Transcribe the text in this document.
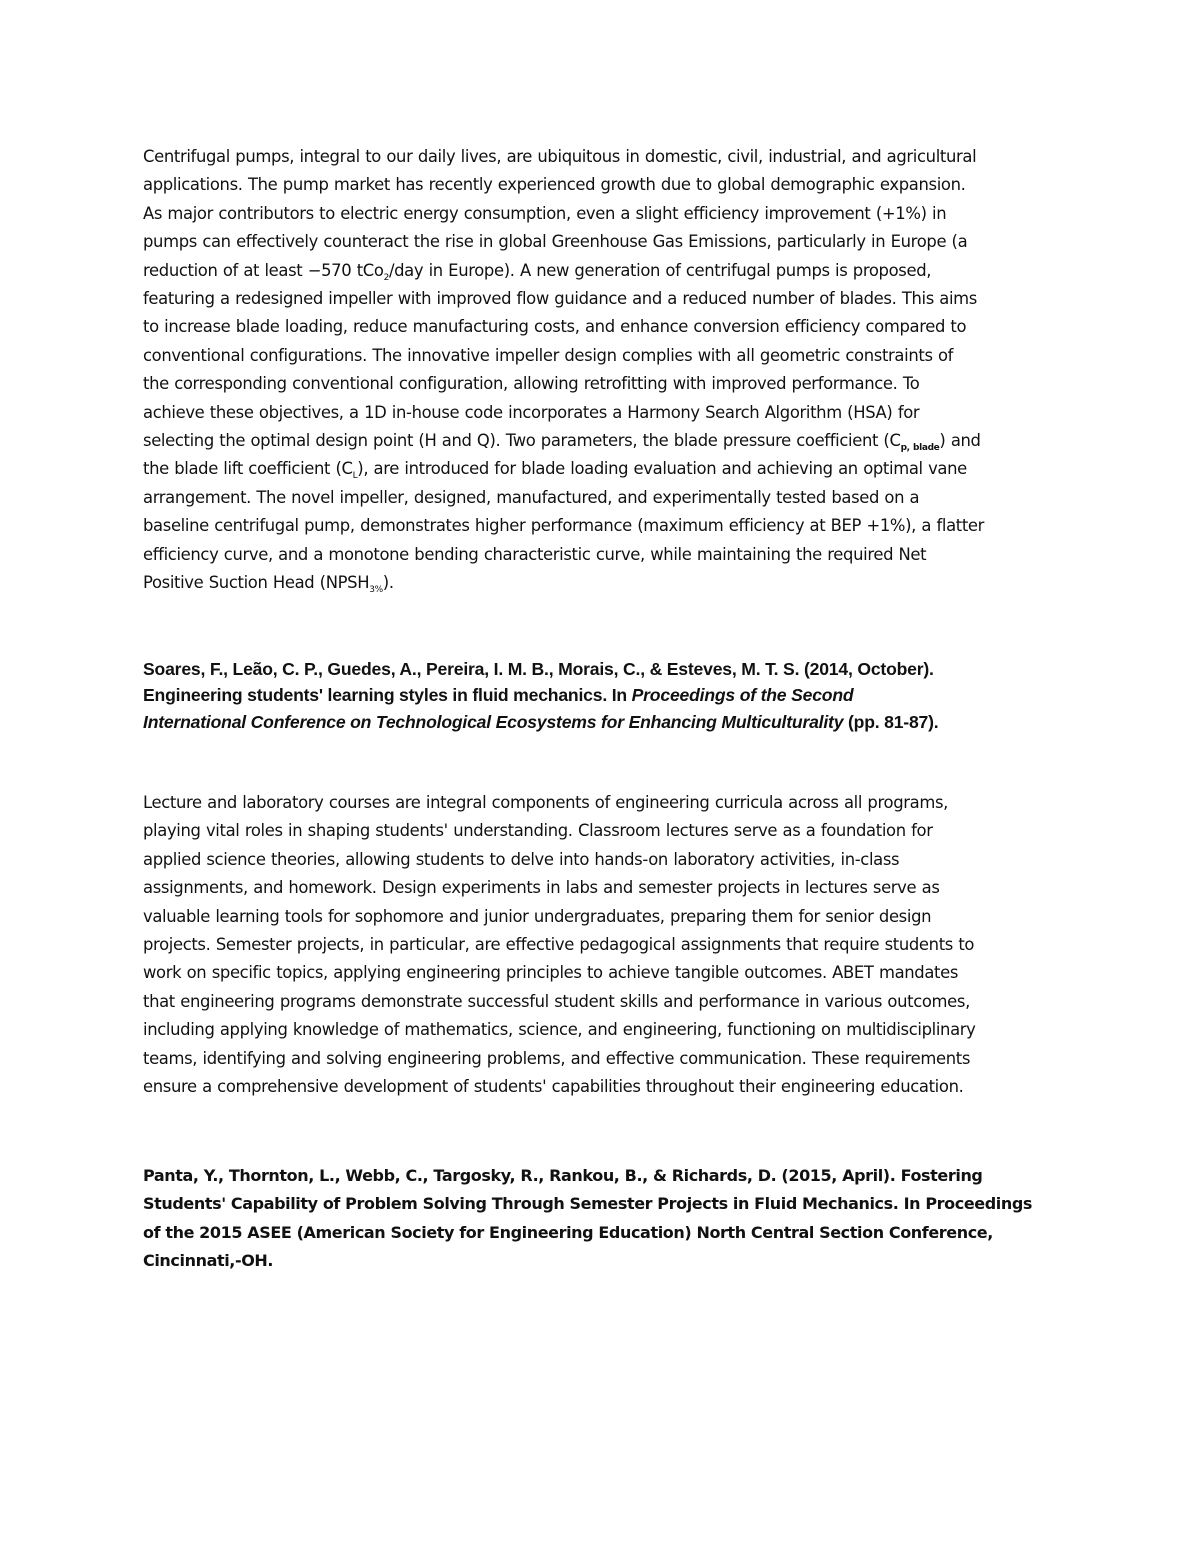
Centrifugal pumps, integral to our daily lives, are ubiquitous in domestic, civil, industrial, and agricultural

applications. The pump market has recently experienced growth due to global demographic expansion.

As major contributors to electric energy consumption, even a slight efficiency improvement (+1%) in

pumps can effectively counteract the rise in global Greenhouse Gas Emissions, particularly in Europe (a

reduction of at least −570 tCo$_2$/day in Europe). A new generation of centrifugal pumps is proposed,

featuring a redesigned impeller with improved flow guidance and a reduced number of blades. This aims

to increase blade loading, reduce manufacturing costs, and enhance conversion efficiency compared to

conventional configurations. The innovative impeller design complies with all geometric constraints of

the corresponding conventional configuration, allowing retrofitting with improved performance. To

achieve these objectives, a 1D in-house code incorporates a Harmony Search Algorithm (HSA) for

selecting the optimal design point (H and Q). Two parameters, the blade pressure coefficient $(C_{p, blade})$ and

the blade lift coefficient $(C_L)$, are introduced for blade loading evaluation and achieving an optimal vane

arrangement. The novel impeller, designed, manufactured, and experimentally tested based on a

baseline centrifugal pump, demonstrates higher performance (maximum efficiency at BEP +1%), a flatter

efficiency curve, and a monotone bending characteristic curve, while maintaining the required Net

Positive Suction Head $(NPSH_{3\%})$.

Soares, F., Leão, C. P., Guedes, A., Pereira, I. M. B., Morais, C., & Esteves, M. T. S. (2014, October).

Engineering students' learning styles in fluid mechanics. In Proceedings of the Second

International Conference on Technological Ecosystems for Enhancing Multiculturality (pp. 81-87).

Lecture and laboratory courses are integral components of engineering curricula across all programs,

playing vital roles in shaping students' understanding. Classroom lectures serve as a foundation for

applied science theories, allowing students to delve into hands-on laboratory activities, in-class

assignments, and homework. Design experiments in labs and semester projects in lectures serve as

valuable learning tools for sophomore and junior undergraduates, preparing them for senior design

projects. Semester projects, in particular, are effective pedagogical assignments that require students to

work on specific topics, applying engineering principles to achieve tangible outcomes. ABET mandates

that engineering programs demonstrate successful student skills and performance in various outcomes,

including applying knowledge of mathematics, science, and engineering, functioning on multidisciplinary

teams, identifying and solving engineering problems, and effective communication. These requirements

ensure a comprehensive development of students' capabilities throughout their engineering education.

Panta, Y., Thornton, L., Webb, C., Targosky, R., Rankou, B., & Richards, D. (2015, April). Fostering

Students' Capability of Problem Solving Through Semester Projects in Fluid Mechanics. In Proceedings

of the 2015 ASEE (American Society for Engineering Education) North Central Section Conference,

Cincinnati,-OH.
